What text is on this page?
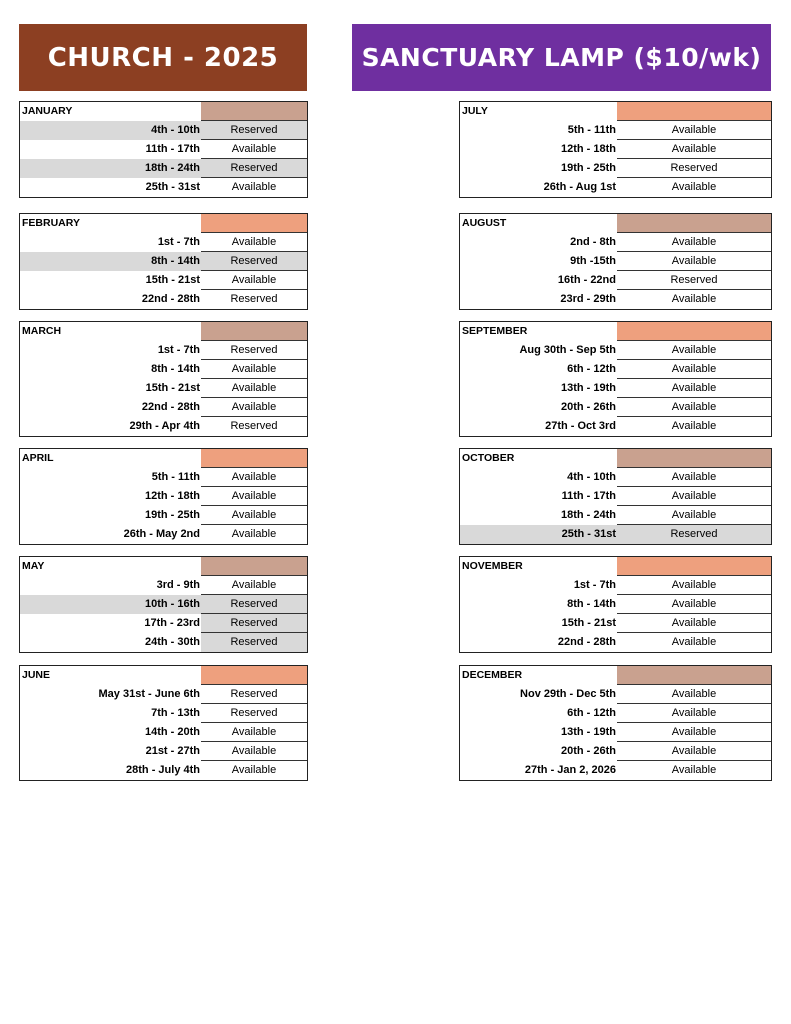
CHURCH - 2025	SANCTUARY LAMP ($10/wk)
JANUARY
4th - 10th	Reserved
11th - 17th	Available
18th - 24th	Reserved
25th - 31st	Available
FEBRUARY
1st - 7th	Available
8th - 14th	Reserved
15th - 21st	Available
22nd - 28th	Reserved
MARCH
1st - 7th	Reserved
8th - 14th	Available
15th - 21st	Available
22nd - 28th	Available
29th - Apr 4th	Reserved
APRIL
5th - 11th	Available
12th - 18th	Available
19th - 25th	Available
26th - May 2nd	Available
MAY
3rd - 9th	Available
10th - 16th	Reserved
17th - 23rd	Reserved
24th - 30th	Reserved
JUNE
May 31st - June 6th	Reserved
7th - 13th	Reserved
14th - 20th	Available
21st - 27th	Available
28th - July 4th	Available
JULY
5th - 11th	Available
12th - 18th	Available
19th - 25th	Reserved
26th - Aug 1st	Available
AUGUST
2nd - 8th	Available
9th -15th	Available
16th - 22nd	Reserved
23rd - 29th	Available
SEPTEMBER
Aug 30th - Sep 5th	Available
6th - 12th	Available
13th - 19th	Available
20th - 26th	Available
27th - Oct 3rd	Available
OCTOBER
4th - 10th	Available
11th - 17th	Available
18th - 24th	Available
25th - 31st	Reserved
NOVEMBER
1st - 7th	Available
8th - 14th	Available
15th - 21st	Available
22nd - 28th	Available
DECEMBER
Nov 29th - Dec 5th	Available
6th - 12th	Available
13th - 19th	Available
20th - 26th	Available
27th - Jan 2, 2026	Available
